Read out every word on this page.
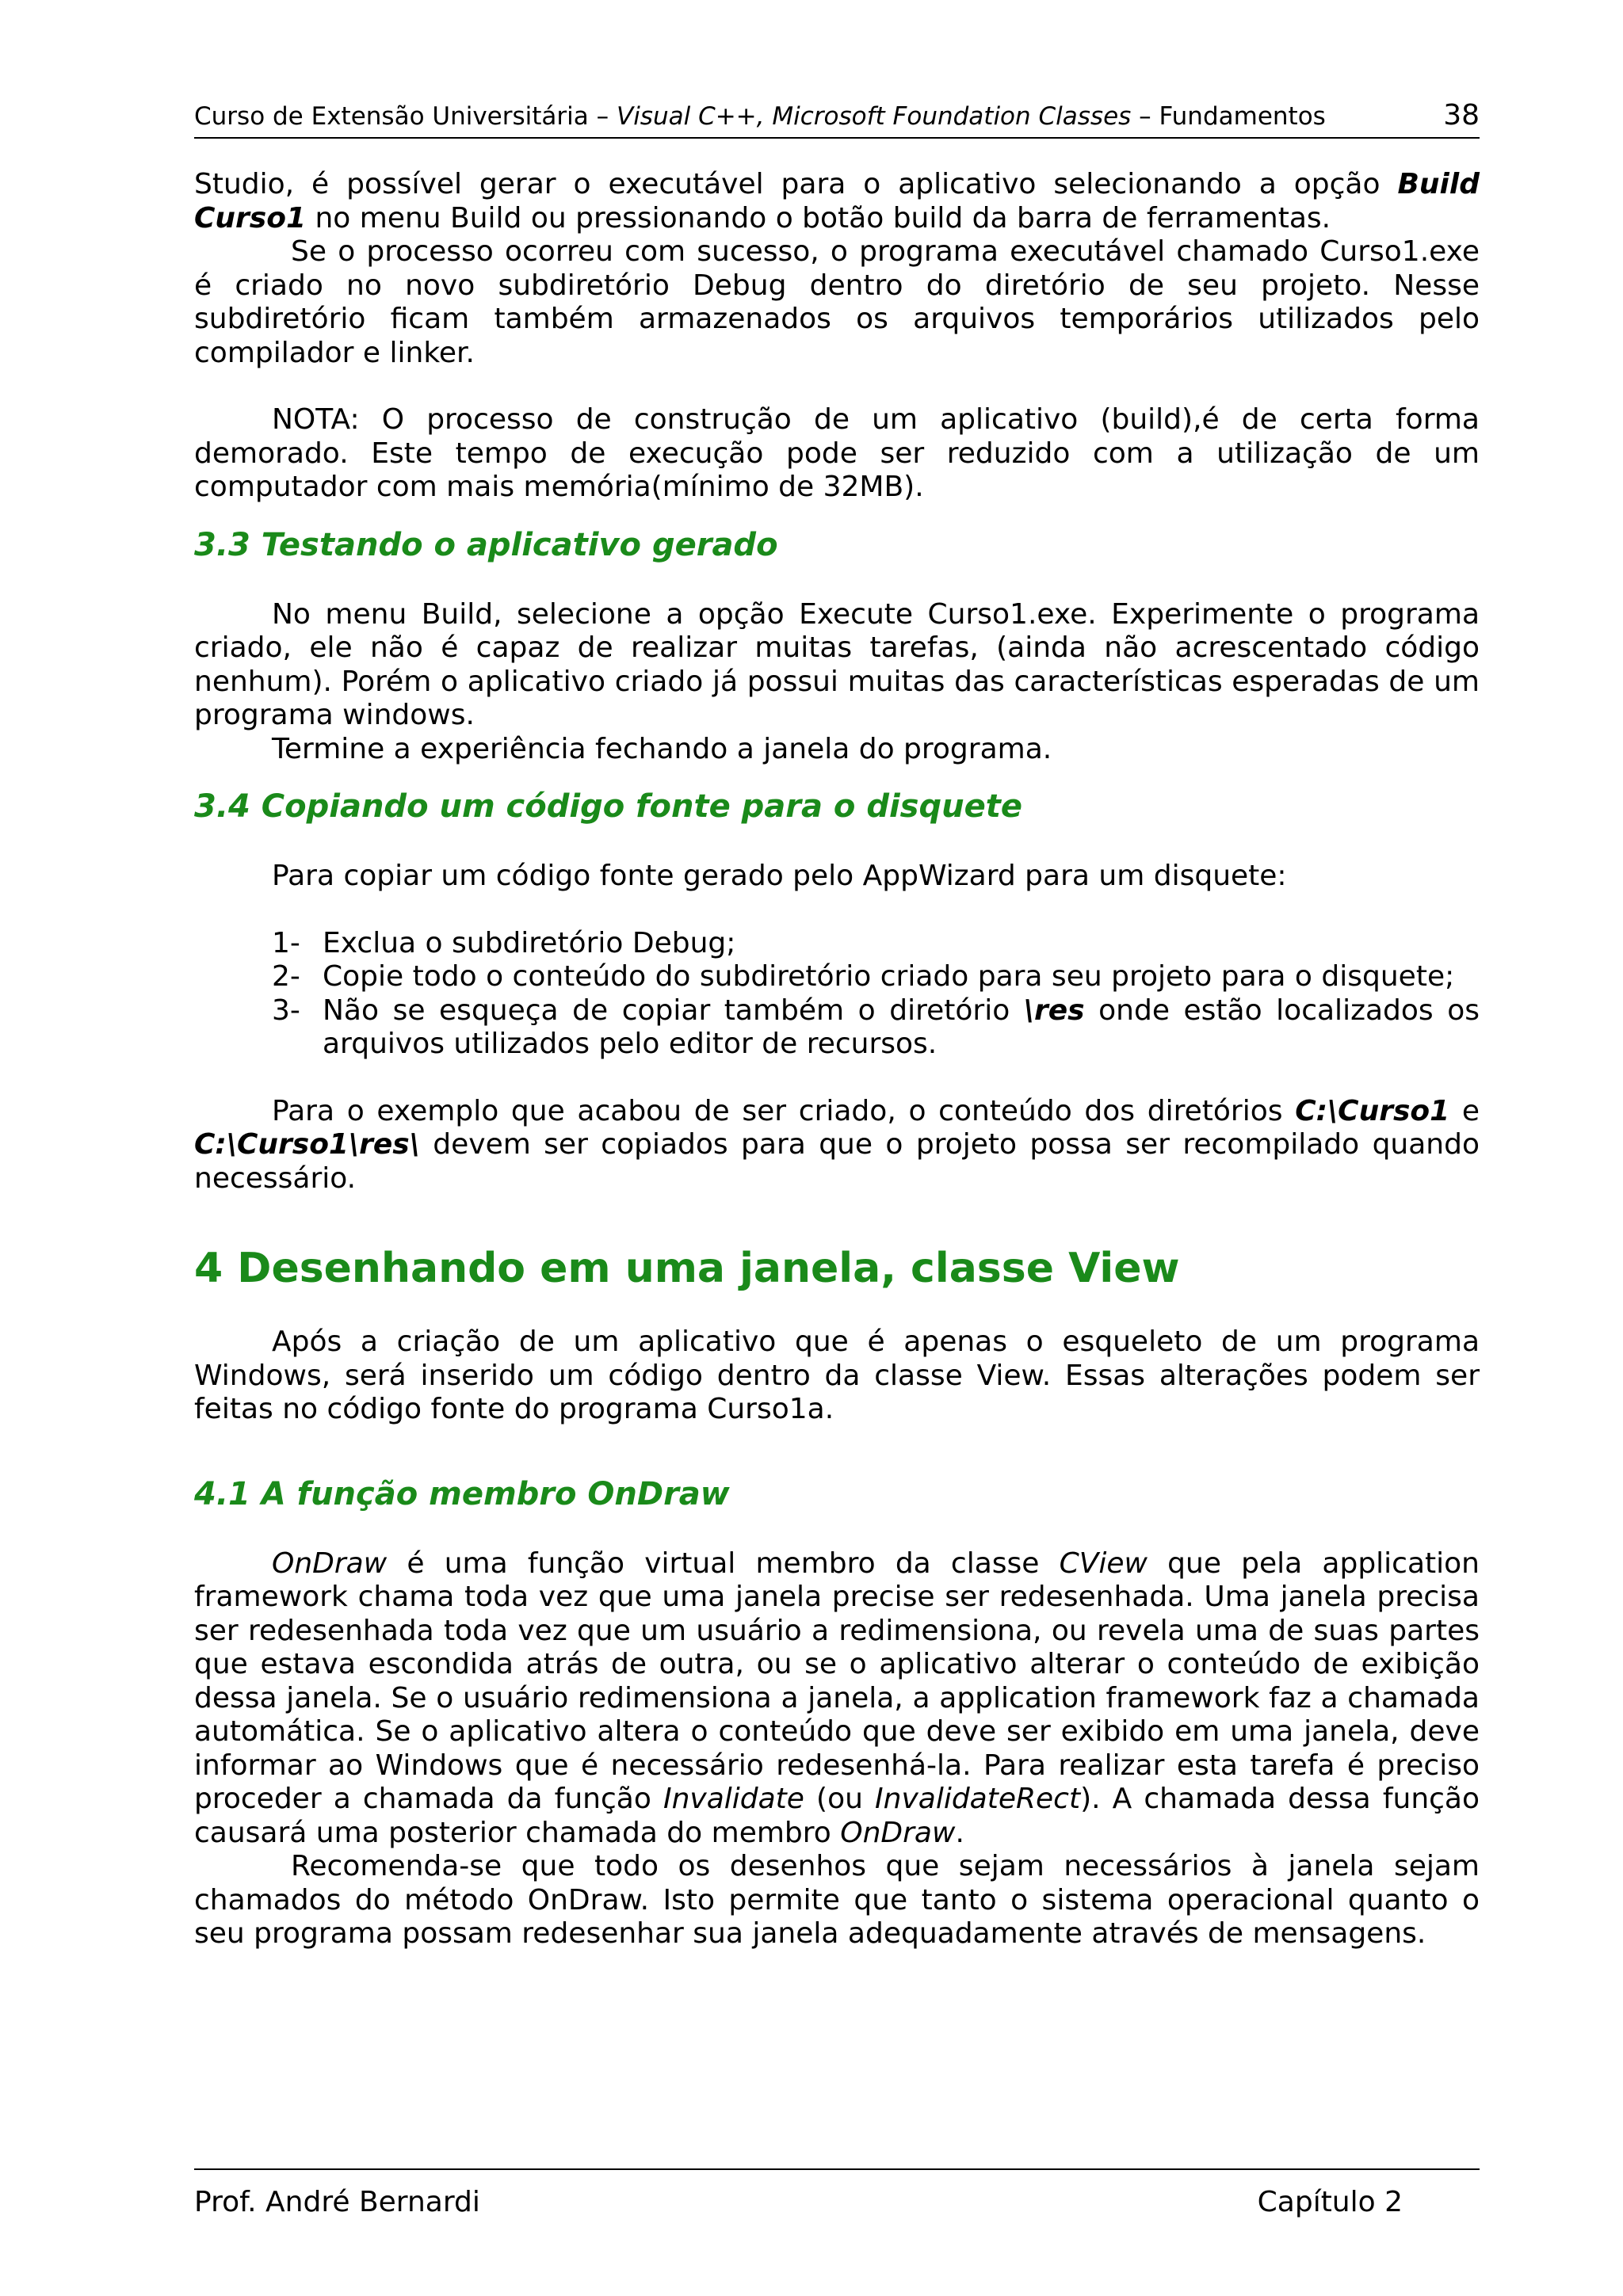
Curso de Extensão Universitária – Visual C++, Microsoft Foundation Classes – Fundamentos	38

Studio, é possível gerar o executável para o aplicativo selecionando a opção Build Curso1 no menu Build ou pressionando o botão build da barra de ferramentas.

Se o processo ocorreu com sucesso, o programa executável chamado Curso1.exe é criado no novo subdiretório Debug dentro do diretório de seu projeto. Nesse subdiretório ficam também armazenados os arquivos temporários utilizados pelo compilador e linker.

NOTA: O processo de construção de um aplicativo (build),é de certa forma demorado. Este tempo de execução pode ser reduzido com a utilização de um computador com mais memória(mínimo de 32MB).

3.3 Testando o aplicativo gerado

No menu Build, selecione a opção Execute Curso1.exe. Experimente o programa criado, ele não é capaz de realizar muitas tarefas, (ainda não acrescentado código nenhum). Porém o aplicativo criado já possui muitas das características esperadas de um programa windows.

Termine a experiência fechando a janela do programa.

3.4 Copiando um código fonte para o disquete

Para copiar um código fonte gerado pelo AppWizard para um disquete:

1- Exclua o subdiretório Debug;
2- Copie todo o conteúdo do subdiretório criado para seu projeto para o disquete;
3- Não se esqueça de copiar também o diretório \res onde estão localizados os arquivos utilizados pelo editor de recursos.

Para o exemplo que acabou de ser criado, o conteúdo dos diretórios C:\Curso1 e C:\Curso1\res\ devem ser copiados para que o projeto possa ser recompilado quando necessário.

4 Desenhando em uma janela, classe View

Após a criação de um aplicativo que é apenas o esqueleto de um programa Windows, será inserido um código dentro da classe View. Essas alterações podem ser feitas no código fonte do programa Curso1a.

4.1 A função membro OnDraw

OnDraw é uma função virtual membro da classe CView que pela application framework chama toda vez que uma janela precise ser redesenhada. Uma janela precisa ser redesenhada toda vez que um usuário a redimensiona, ou revela uma de suas partes que estava escondida atrás de outra, ou se o aplicativo alterar o conteúdo de exibição dessa janela. Se o usuário redimensiona a janela, a application framework faz a chamada automática. Se o aplicativo altera o conteúdo que deve ser exibido em uma janela, deve informar ao Windows que é necessário redesenhá-la. Para realizar esta tarefa é preciso proceder a chamada da função Invalidate (ou InvalidateRect). A chamada dessa função causará uma posterior chamada do membro OnDraw.

Recomenda-se que todo os desenhos que sejam necessários à janela sejam chamados do método OnDraw. Isto permite que tanto o sistema operacional quanto o seu programa possam redesenhar sua janela adequadamente através de mensagens.

Prof. André Bernardi	Capítulo 2
